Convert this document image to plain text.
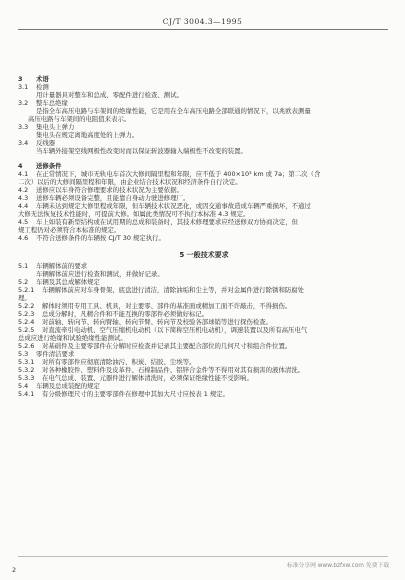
CJ/T 3004.3—1995
3 术语
3.1 检测
用计量器具对整车和总成、零配件进行检查、测试。
3.2 整车总绝缘
是指全车高压电路与车架间的绝缘性能，它是用在全车高压电路全部联通的情况下，以兆欧表测量
高压电路与车架间的电阻值来表示。
3.3 集电头上弹力
集电头在规定离地高度处的上弹力。
3.4 反线器
当车辆外接架空线网极性改变时而以保证斩波器输入端极性不改变的装置。
4 送修条件
4.1 在正常情况下，城市无轨电车首次大修间隔里程和年限，应不低于 400×10³ km 或 7a；第二次（含
二次）以后的大修间隔里程和年限，由企业结合技术状况和经济条件自行决定。
4.2 送修应以车身符合修理要求的技术状况为主要依据。
4.3 送修车辆必须设备完整，且能靠自身动力驶进修理厂。
4.4 车辆未达到规定大修里程或年限，但车辆技术状况恶化，或因交通事故造成车辆严重损坏，不通过
大修无法恢复技术性能时，可提前大修。如属此类情况可不执行本标准 4.3 规定。
4.5 车上如装有新型结构或在试用期的总成和装备时，其技术修理要求应经送修双方协商决定，但
规工程仍对必须符合本标准的规定。
4.6 不符合送修条件的车辆按 CJ/T 30 规定执行。
5 一般技术要求
5.1 车辆解体前的要求
车辆解体前应进行检查和测试，并做好记录。
5.2 车辆及其总成解体规定
5.2.1 车辆解体前应对车身骨架、底盘进行清洁，清除油垢和尘土等，并对金属件进行除锈和防腐处
理。
5.2.2 解体时须用专用工具、机具，对主要零、部件的基准面或精加工面不许敲击，不得损伤。
5.2.3 总成分解时，凡精合件和不能互换的零部件必须做好标记。
5.2.4 对前轴、转向节、转向臂轴、转向节臂、转向节及校验各部球销等进行探伤检查。
5.2.5 对直流牵引电动机、空气压缩机电动机（以下简称空压机电动机），调速装置以及所有高压电气
总成应进行绝缘和试验绝缘性能测试。
5.2.6 对基础件及主要零部件在分解时应检查并记录其主要配合部位的几何尺寸和组合件位置。
5.3 零件清洁要求
5.3.1 对所有零部件应彻底清除油污、积炭、结胶、尘埃等。
5.3.2 对各种橡胶件、塑料件及皮革件、石棉制品件、铝锌合金件等不得用对其有损害的液体清洗。
5.3.3 在电气总成、装置、元器件进行解体清洗时，必须保证绝缘性能不受影响。
5.4 车辆及总成装配的规定
5.4.1 有分级修理尺寸的主要零部件在修理中其加大尺寸应按表 1 规定。
标准分享网 www.bzfxw.com 免费下载
2
